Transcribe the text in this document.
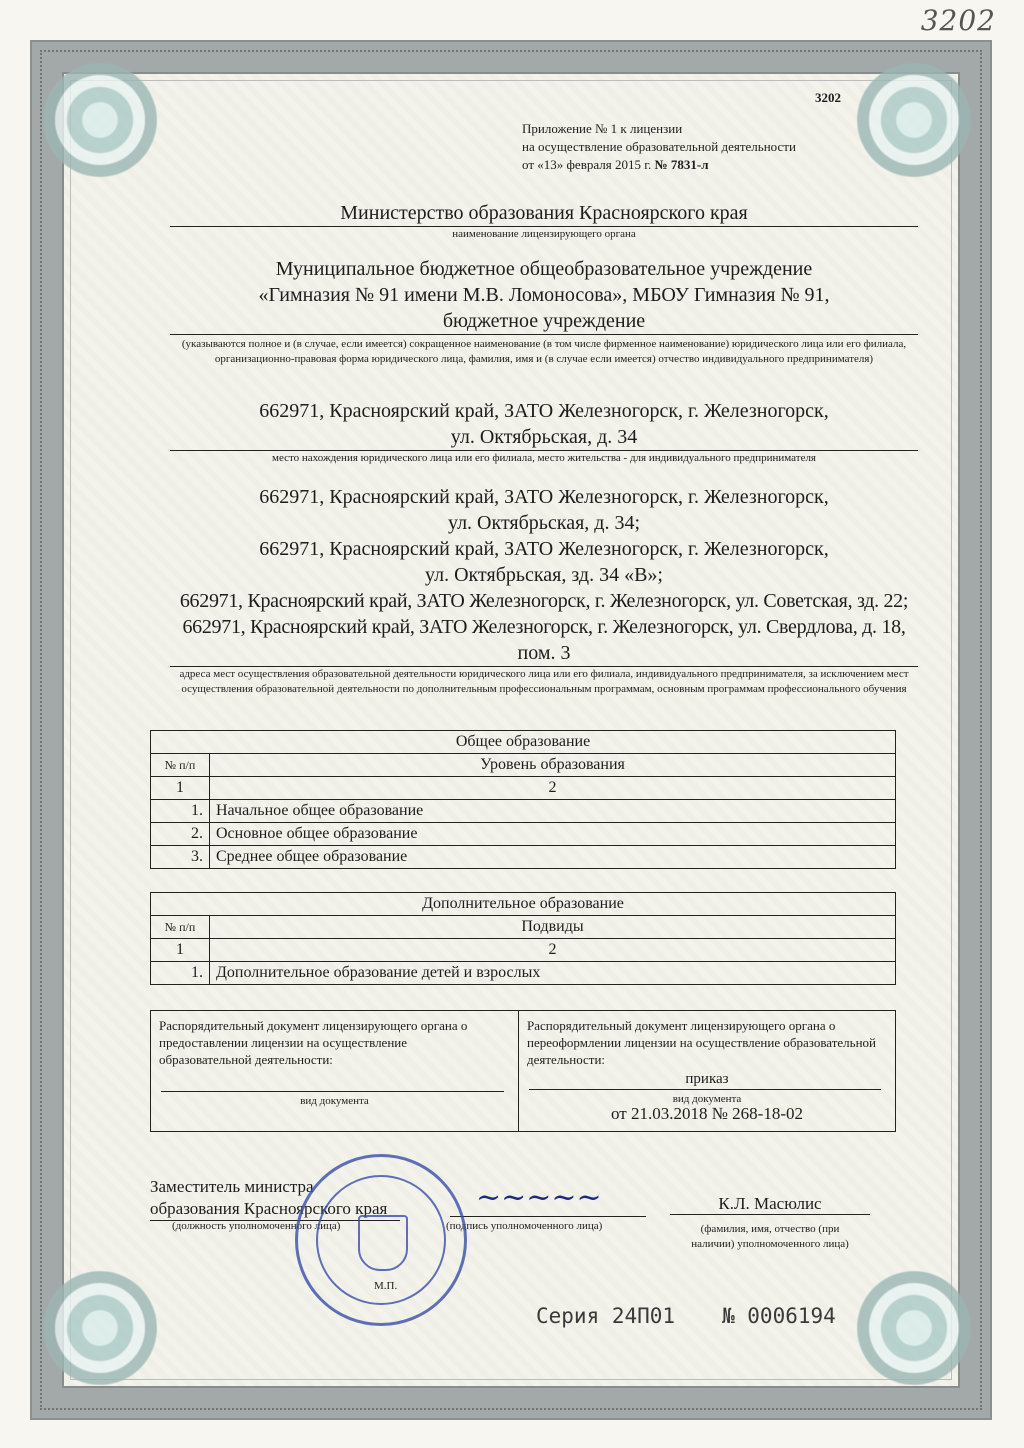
3202
3202
Приложение № 1 к лицензии
на осуществление образовательной деятельности
от «13» февраля 2015 г. № 7831-л
Министерство образования Красноярского края
наименование лицензирующего органа
Муниципальное бюджетное общеобразовательное учреждение
«Гимназия № 91 имени М.В. Ломоносова», МБОУ Гимназия № 91,
бюджетное учреждение
(указываются полное и (в случае, если имеется) сокращенное наименование (в том числе фирменное наименование) юридического лица или его филиала, организационно-правовая форма юридического лица, фамилия, имя и (в случае если имеется) отчество индивидуального предпринимателя)
662971, Красноярский край, ЗАТО Железногорск, г. Железногорск,
ул. Октябрьская, д. 34
место нахождения юридического лица или его филиала, место жительства - для индивидуального предпринимателя
662971, Красноярский край, ЗАТО Железногорск, г. Железногорск,
ул. Октябрьская, д. 34;
662971, Красноярский край, ЗАТО Железногорск, г. Железногорск,
ул. Октябрьская, зд. 34 «В»;
662971, Красноярский край, ЗАТО Железногорск, г. Железногорск, ул. Советская, зд. 22;
662971, Красноярский край, ЗАТО Железногорск, г. Железногорск, ул. Свердлова, д. 18,
пом. 3
адреса мест осуществления образовательной деятельности юридического лица или его филиала, индивидуального предпринимателя, за исключением мест осуществления образовательной деятельности по дополнительным профессиональным программам, основным программам профессионального обучения
Общее образование	
№ п/п	Уровень образования
1	2
1.	Начальное общее образование
2.	Основное общее образование
3.	Среднее общее образование
Дополнительное образование	
№ п/п	Подвиды
1	2
1.	Дополнительное образование детей и взрослых
Распорядительный документ лицензирующего органа о предоставлении лицензии на осуществление образовательной деятельности:
вид документа
Распорядительный документ лицензирующего органа о переоформлении лицензии на осуществление образовательной деятельности:
приказ
вид документа
от 21.03.2018 № 268-18-02
Заместитель министра
образования Красноярского края
(должность уполномоченного лица)
~~~~~
(подпись уполномоченного лица)
К.Л. Масюлис
(фамилия, имя, отчество (при наличии) уполномоченного лица)
М.П.
Серия 24П01 № 0006194
